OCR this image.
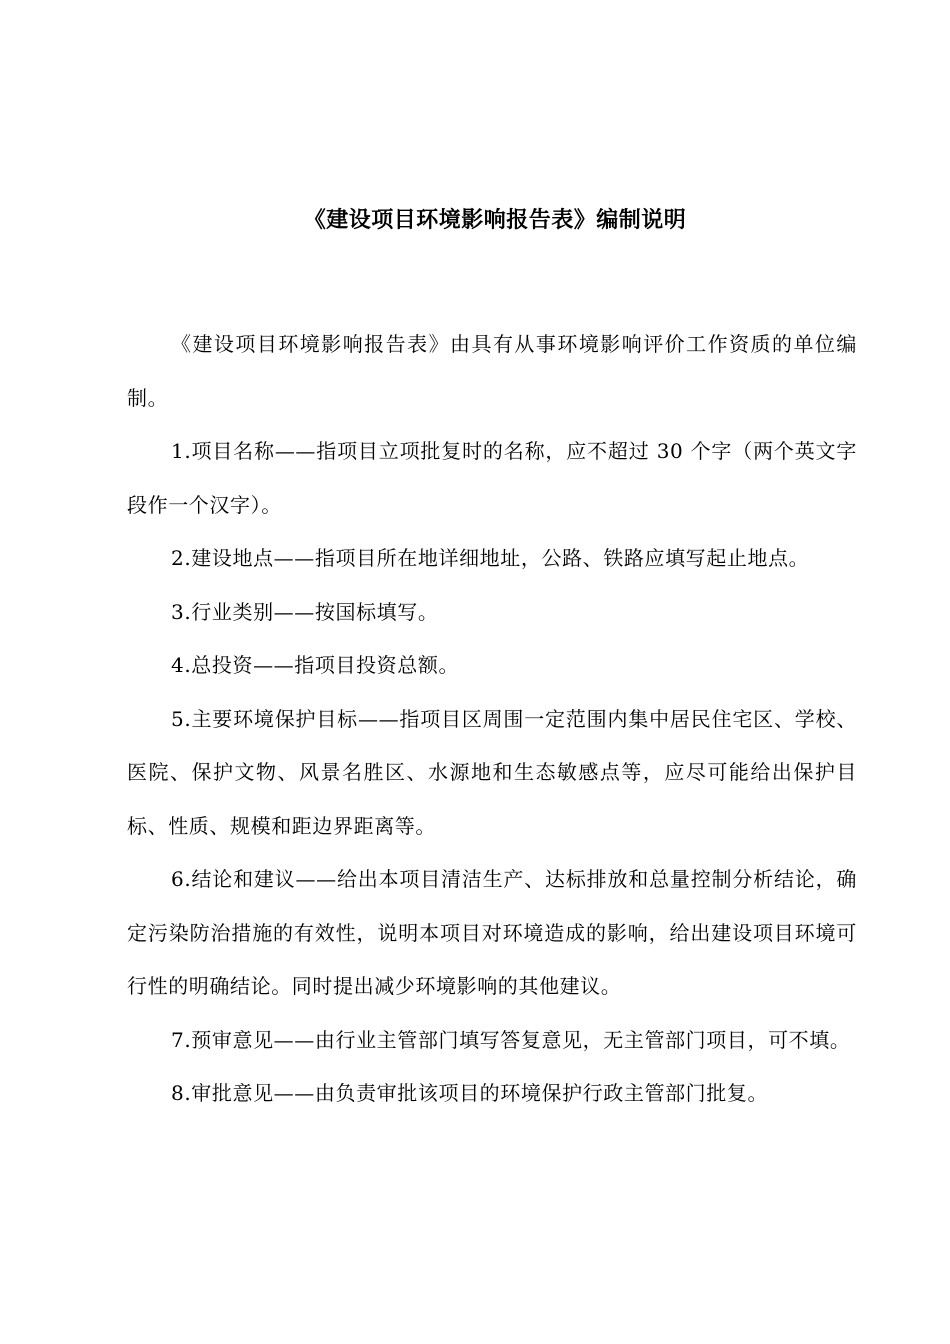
《建设项目环境影响报告表》编制说明

《建设项目环境影响报告表》由具有从事环境影响评价工作资质的单位编制。

1.项目名称——指项目立项批复时的名称，应不超过 30 个字（两个英文字段作一个汉字）。

2.建设地点——指项目所在地详细地址，公路、铁路应填写起止地点。

3.行业类别——按国标填写。

4.总投资——指项目投资总额。

5.主要环境保护目标——指项目区周围一定范围内集中居民住宅区、学校、医院、保护文物、风景名胜区、水源地和生态敏感点等，应尽可能给出保护目标、性质、规模和距边界距离等。

6.结论和建议——给出本项目清洁生产、达标排放和总量控制分析结论，确定污染防治措施的有效性，说明本项目对环境造成的影响，给出建设项目环境可行性的明确结论。同时提出减少环境影响的其他建议。

7.预审意见——由行业主管部门填写答复意见，无主管部门项目，可不填。

8.审批意见——由负责审批该项目的环境保护行政主管部门批复。
